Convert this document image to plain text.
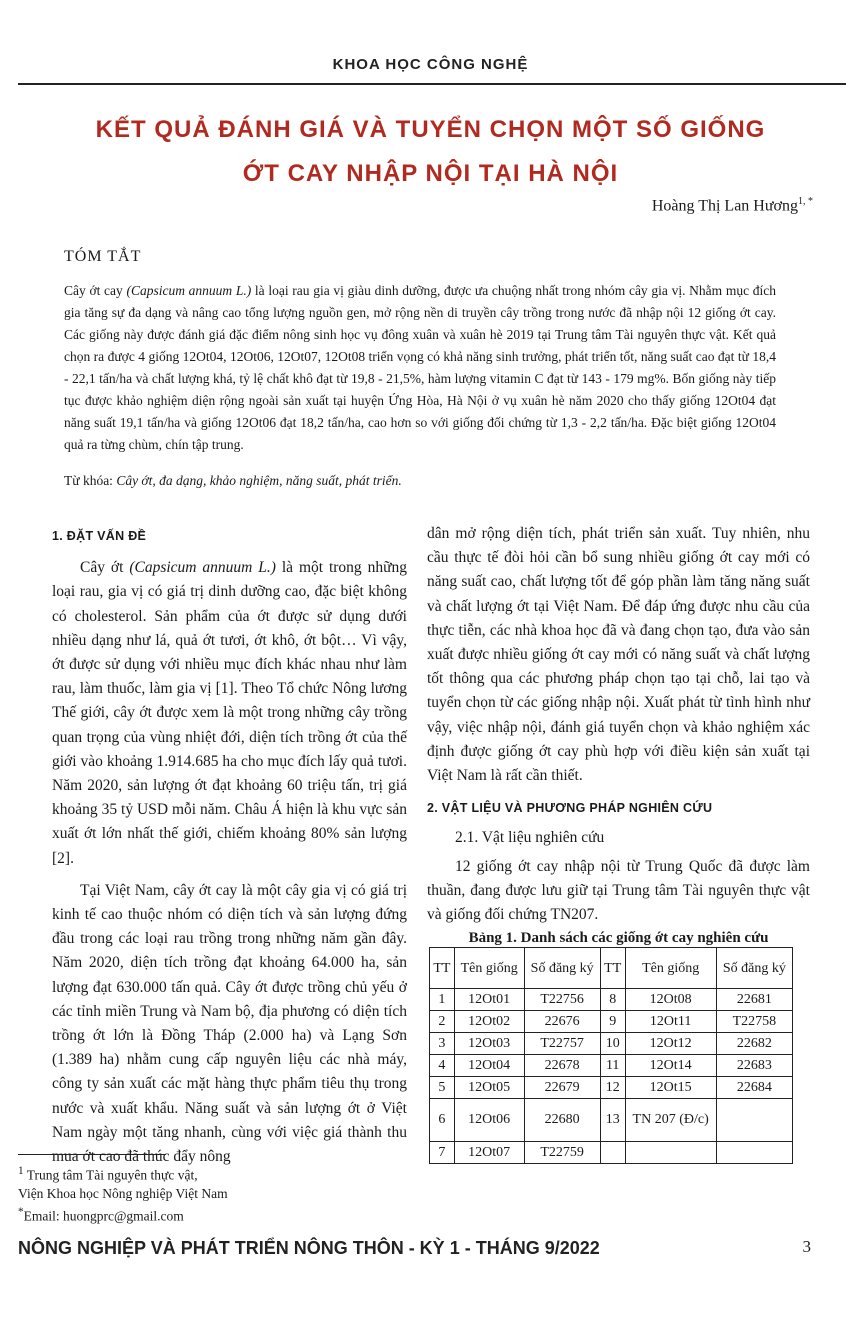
KHOA HỌC CÔNG NGHỆ
KẾT QUẢ ĐÁNH GIÁ VÀ TUYỂN CHỌN MỘT SỐ GIỐNG
ỚT CAY NHẬP NỘI TẠI HÀ NỘI
Hoàng Thị Lan Hương$^{1, *}$
TÓM TẮT
Cây ớt cay (Capsicum annuum L.) là loại rau gia vị giàu dinh dưỡng, được ưa chuộng nhất trong nhóm cây gia vị. Nhằm mục đích gia tăng sự đa dạng và nâng cao tổng lượng nguồn gen, mở rộng nền di truyền cây trồng trong nước đã nhập nội 12 giống ớt cay. Các giống này được đánh giá đặc điểm nông sinh học vụ đông xuân và xuân hè 2019 tại Trung tâm Tài nguyên thực vật. Kết quả chọn ra được 4 giống 12Ot04, 12Ot06, 12Ot07, 12Ot08 triển vọng có khả năng sinh trưởng, phát triển tốt, năng suất cao đạt từ 18,4 - 22,1 tấn/ha và chất lượng khá, tỷ lệ chất khô đạt từ 19,8 - 21,5%, hàm lượng vitamin C đạt từ 143 - 179 mg%. Bốn giống này tiếp tục được khảo nghiệm diện rộng ngoài sản xuất tại huyện Ứng Hòa, Hà Nội ở vụ xuân hè năm 2020 cho thấy giống 12Ot04 đạt năng suất 19,1 tấn/ha và giống 12Ot06 đạt 18,2 tấn/ha, cao hơn so với giống đối chứng từ 1,3 - 2,2 tấn/ha. Đặc biệt giống 12Ot04 quả ra từng chùm, chín tập trung.
Từ khóa: Cây ớt, đa dạng, khảo nghiệm, năng suất, phát triển.

1. ĐẶT VẤN ĐỀ

Cây ớt (Capsicum annuum L.) là một trong những loại rau, gia vị có giá trị dinh dưỡng cao, đặc biệt không có cholesterol. Sản phẩm của ớt được sử dụng dưới nhiều dạng như lá, quả ớt tươi, ớt khô, ớt bột… Vì vậy, ớt được sử dụng với nhiều mục đích khác nhau như làm rau, làm thuốc, làm gia vị [1]. Theo Tổ chức Nông lương Thế giới, cây ớt được xem là một trong những cây trồng quan trọng của vùng nhiệt đới, diện tích trồng ớt của thế giới vào khoảng 1.914.685 ha cho mục đích lấy quả tươi. Năm 2020, sản lượng ớt đạt khoảng 60 triệu tấn, trị giá khoảng 35 tỷ USD mỗi năm. Châu Á hiện là khu vực sản xuất ớt lớn nhất thế giới, chiếm khoảng 80% sản lượng [2].

Tại Việt Nam, cây ớt cay là một cây gia vị có giá trị kinh tế cao thuộc nhóm có diện tích và sản lượng đứng đầu trong các loại rau trồng trong những năm gần đây. Năm 2020, diện tích trồng đạt khoảng 64.000 ha, sản lượng đạt 630.000 tấn quả. Cây ớt được trồng chủ yếu ở các tỉnh miền Trung và Nam bộ, địa phương có diện tích trồng ớt lớn là Đồng Tháp (2.000 ha) và Lạng Sơn (1.389 ha) nhằm cung cấp nguyên liệu các nhà máy, công ty sản xuất các mặt hàng thực phẩm tiêu thụ trong nước và xuất khẩu. Năng suất và sản lượng ớt ở Việt Nam ngày một tăng nhanh, cùng với việc giá thành thu mua ớt cao đã thúc đẩy nông

dân mở rộng diện tích, phát triển sản xuất. Tuy nhiên, nhu cầu thực tế đòi hỏi cần bổ sung nhiều giống ớt cay mới có năng suất cao, chất lượng tốt để góp phần làm tăng năng suất và chất lượng ớt tại Việt Nam. Để đáp ứng được nhu cầu của thực tiễn, các nhà khoa học đã và đang chọn tạo, đưa vào sản xuất được nhiều giống ớt cay mới có năng suất và chất lượng tốt thông qua các phương pháp chọn tạo tại chỗ, lai tạo và tuyển chọn từ các giống nhập nội. Xuất phát từ tình hình như vậy, việc nhập nội, đánh giá tuyển chọn và khảo nghiệm xác định được giống ớt cay phù hợp với điều kiện sản xuất tại Việt Nam là rất cần thiết.

2. VẬT LIỆU VÀ PHƯƠNG PHÁP NGHIÊN CỨU

2.1. Vật liệu nghiên cứu

12 giống ớt cay nhập nội từ Trung Quốc đã được làm thuần, đang được lưu giữ tại Trung tâm Tài nguyên thực vật và giống đối chứng TN207.

Bảng 1. Danh sách các giống ớt cay nghiên cứu

TT	Tên giống	Số đăng ký	TT	Tên giống	Số đăng ký
1	12Ot01	T22756	8	12Ot08	22681
2	12Ot02	22676	9	12Ot11	T22758
3	12Ot03	T22757	10	12Ot12	22682
4	12Ot04	22678	11	12Ot14	22683
5	12Ot05	22679	12	12Ot15	22684
6	12Ot06	22680	13	TN 207 (Đ/c)	
7	12Ot07	T22759			
$^1$ Trung tâm Tài nguyên thực vật,
Viện Khoa học Nông nghiệp Việt Nam
*Email: huongprc@gmail.com
NÔNG NGHIỆP VÀ PHÁT TRIỂN NÔNG THÔN - KỲ 1 - THÁNG 9/2022	3
